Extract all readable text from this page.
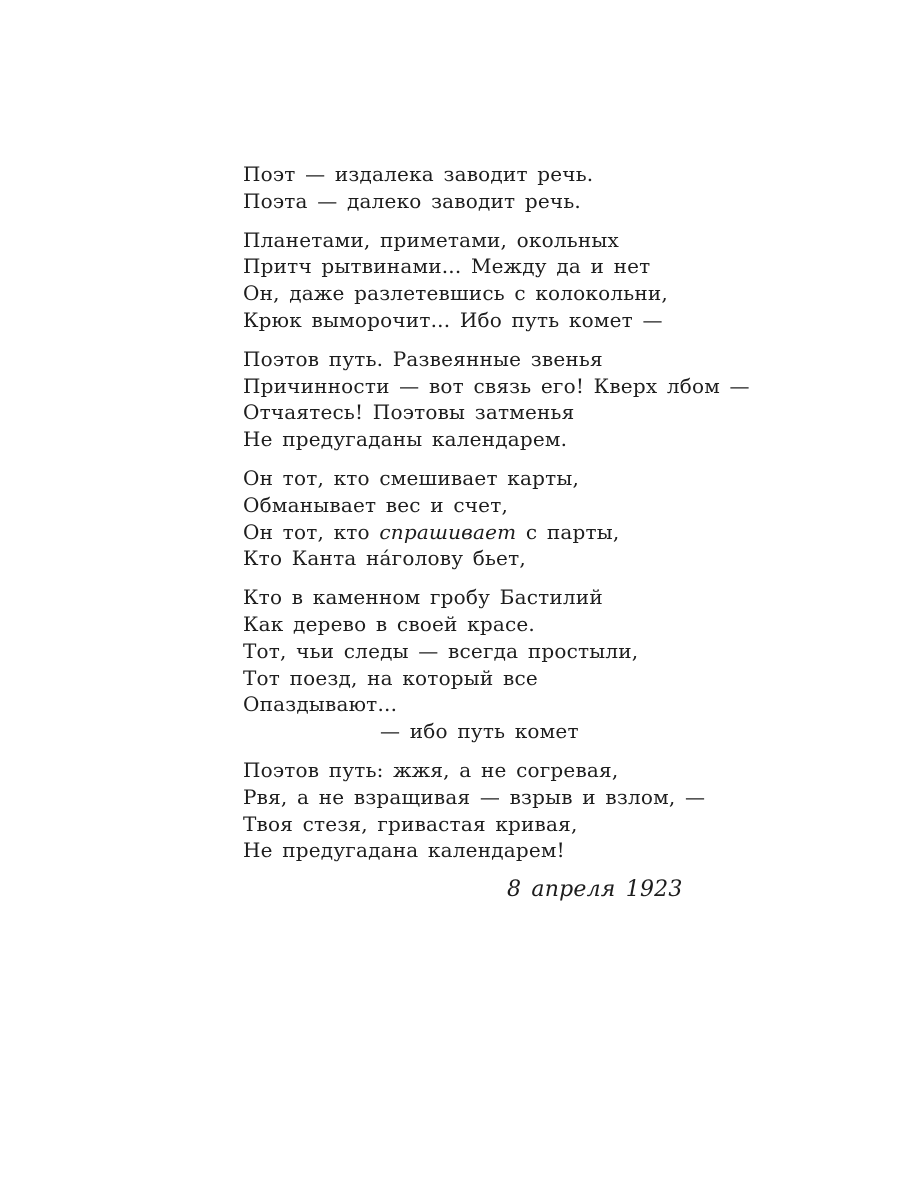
Поэт — издалека заводит речь.
Поэта — далеко заводит речь.
Планетами, приметами, окольных
Притч рытвинами... Между да и нет
Он, даже разлетевшись с колокольни,
Крюк выморочит... Ибо путь комет —
Поэтов путь. Развеянные звенья
Причинности — вот связь его! Кверх лбом —
Отчаятесь! Поэтовы затменья
Не предугаданы календарем.
Он тот, кто смешивает карты,
Обманывает вес и счет,
Он тот, кто спрашивает с парты,
Кто Канта на́голову бьет,
Кто в каменном гробу Бастилий
Как дерево в своей красе.
Тот, чьи следы — всегда простыли,
Тот поезд, на который все
Опаздывают...
— ибо путь комет
Поэтов путь: жжя, а не согревая,
Рвя, а не взращивая — взрыв и взлом, —
Твоя стезя, гривастая кривая,
Не предугадана календарем!
8 апреля 1923
